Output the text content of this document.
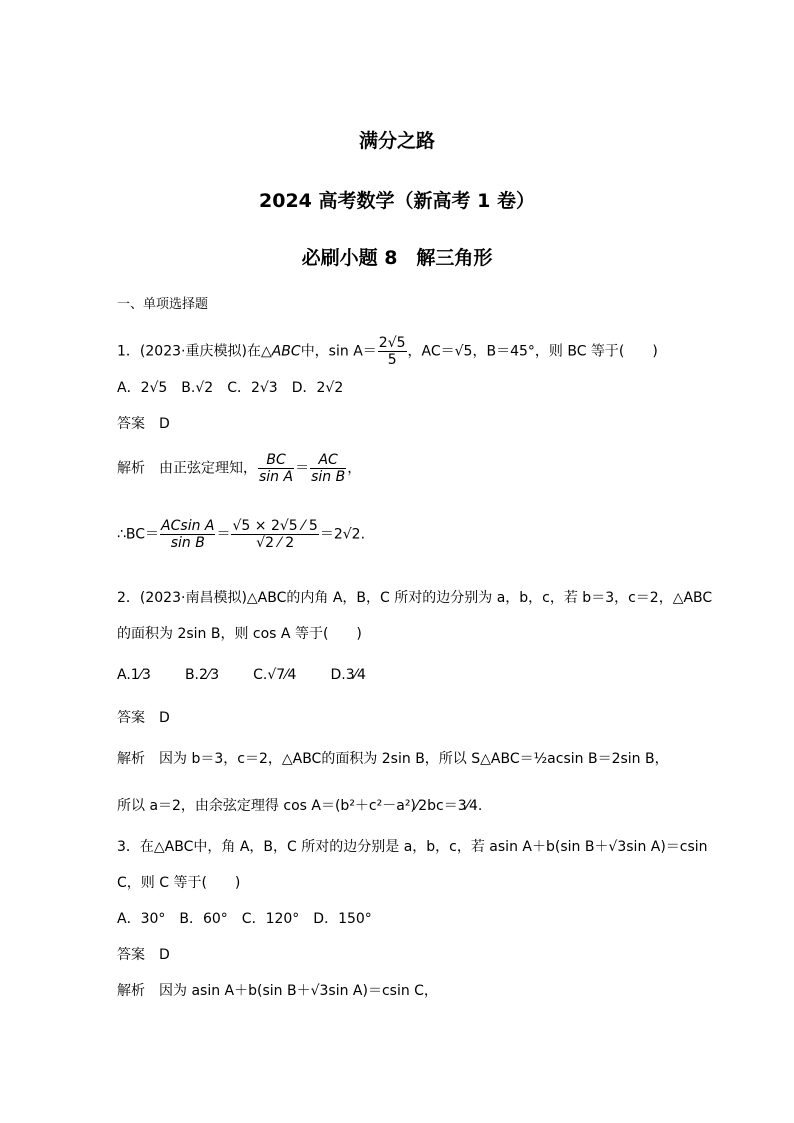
满分之路
2024 高考数学（新高考 1 卷）
必刷小题 8　解三角形
一、单项选择题
1．(2023·重庆模拟)在△ABC中，$\sin A= \frac{2√5}{5}$ ，AC＝√5，B＝45°，则 BC 等于(　　)
A．2√5　B.√2　C．2√3　D．2√2
答案　 D
解析　 由正弦定理知， $\frac{BC}{\text{sin A}} = \frac{AC}{\text{sin B}}$ ，
∴BC＝ $\frac{\text{ACsin A}}{\text{sin B}} = \frac{√5 \times 2√5 ⁄ 5}{√2 ⁄ 2} =2√2$.
2．(2023·南昌模拟)△ABC的内角 A，B，C 所对的边分别为 a，b，c，若 b＝3，c＝2，△ABC
的面积为 2sin B，则 cos A 等于(　　)
A.1⁄3 B.2⁄3 C.√7⁄4 D.3⁄4
答案　 D
解析　 因为 b＝3，c＝2，△ABC的面积为 2sin B，所以 S△ABC＝½acsin B＝2sin B，
所以 a＝2，由余弦定理得 cos A＝(b²＋c²－a²)⁄2bc＝3⁄4.
3．在△ABC中，角 A，B，C 所对的边分别是 a，b，c，若 asin A＋b(sin B＋√3sin A)＝csin
C，则 C 等于(　　)
A．30°　B．60°　C．120°　D．150°
答案　 D
解析　 因为 asin A＋b(sin B＋√3sin A)＝csin C，
